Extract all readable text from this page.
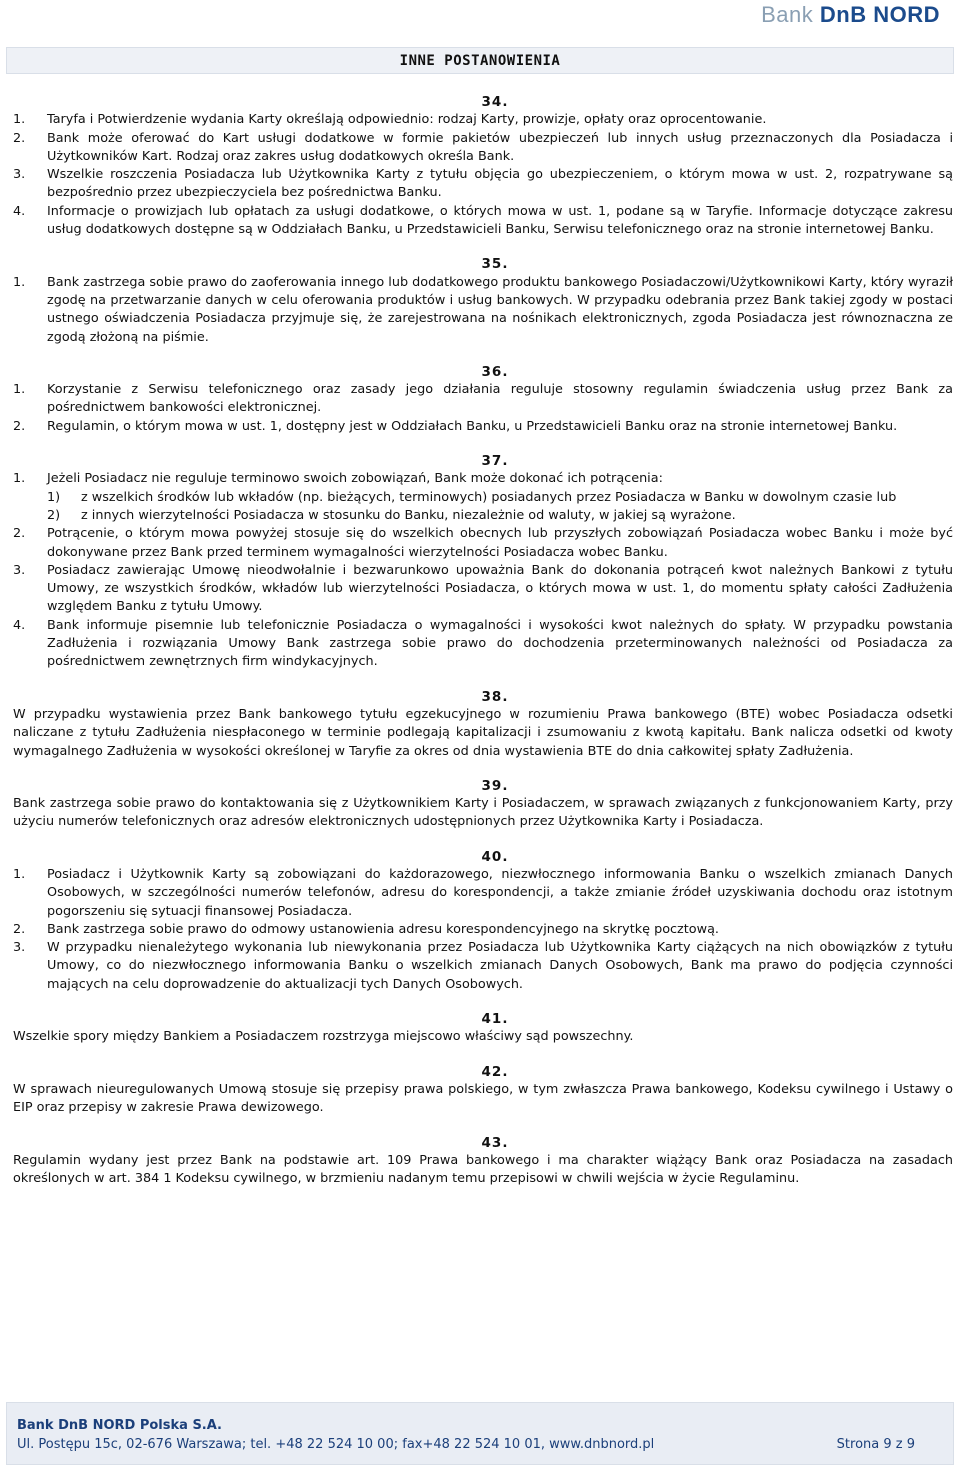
Bank DnB NORD
INNE POSTANOWIENIA
34.
1.	Taryfa i Potwierdzenie wydania Karty określają odpowiednio: rodzaj Karty, prowizje, opłaty oraz oprocentowanie.
2.	Bank może oferować do Kart usługi dodatkowe w formie pakietów ubezpieczeń lub innych usług przeznaczonych dla Posiadacza i Użytkowników Kart. Rodzaj oraz zakres usług dodatkowych określa Bank.
3.	Wszelkie roszczenia Posiadacza lub Użytkownika Karty z tytułu objęcia go ubezpieczeniem, o którym mowa w ust. 2, rozpatrywane są bezpośrednio przez ubezpieczyciela bez pośrednictwa Banku.
4.	Informacje o prowizjach lub opłatach za usługi dodatkowe, o których mowa w ust. 1, podane są w Taryfie. Informacje dotyczące zakresu usług dodatkowych dostępne są w Oddziałach Banku, u Przedstawicieli Banku, Serwisu telefonicznego oraz na stronie internetowej Banku.
35.
1.	Bank zastrzega sobie prawo do zaoferowania innego lub dodatkowego produktu bankowego Posiadaczowi/Użytkownikowi Karty, który wyraził zgodę na przetwarzanie danych w celu oferowania produktów i usług bankowych. W przypadku odebrania przez Bank takiej zgody w postaci ustnego oświadczenia Posiadacza przyjmuje się, że zarejestrowana na nośnikach elektronicznych, zgoda Posiadacza jest równoznaczna ze zgodą złożoną na piśmie.
36.
1.	Korzystanie z Serwisu telefonicznego oraz zasady jego działania reguluje stosowny regulamin świadczenia usług przez Bank za pośrednictwem bankowości elektronicznej.
2.	Regulamin, o którym mowa w ust. 1, dostępny jest w Oddziałach Banku, u Przedstawicieli Banku oraz na stronie internetowej Banku.
37.
1.	Jeżeli Posiadacz nie reguluje terminowo swoich zobowiązań, Bank może dokonać ich potrącenia:
1)	z wszelkich środków lub wkładów (np. bieżących, terminowych) posiadanych przez Posiadacza w Banku w dowolnym czasie lub
2)	z innych wierzytelności Posiadacza w stosunku do Banku, niezależnie od waluty, w jakiej są wyrażone.
2.	Potrącenie, o którym mowa powyżej stosuje się do wszelkich obecnych lub przyszłych zobowiązań Posiadacza wobec Banku i może być dokonywane przez Bank przed terminem wymagalności wierzytelności Posiadacza wobec Banku.
3.	Posiadacz zawierając Umowę nieodwołalnie i bezwarunkowo upoważnia Bank do dokonania potrąceń kwot należnych Bankowi z tytułu Umowy, ze wszystkich środków, wkładów lub wierzytelności Posiadacza, o których mowa w ust. 1, do momentu spłaty całości Zadłużenia względem Banku z tytułu Umowy.
4.	Bank informuje pisemnie lub telefonicznie Posiadacza o wymagalności i wysokości kwot należnych do spłaty. W przypadku powstania Zadłużenia i rozwiązania Umowy Bank zastrzega sobie prawo do dochodzenia przeterminowanych należności od Posiadacza za pośrednictwem zewnętrznych firm windykacyjnych.
38.
W przypadku wystawienia przez Bank bankowego tytułu egzekucyjnego w rozumieniu Prawa bankowego (BTE) wobec Posiadacza odsetki naliczane z tytułu Zadłużenia niespłaconego w terminie podlegają kapitalizacji i zsumowaniu z kwotą kapitału. Bank nalicza odsetki od kwoty wymagalnego Zadłużenia w wysokości określonej w Taryfie za okres od dnia wystawienia BTE do dnia całkowitej spłaty Zadłużenia.
39.
Bank zastrzega sobie prawo do kontaktowania się z Użytkownikiem Karty i Posiadaczem, w sprawach związanych z funkcjonowaniem Karty, przy użyciu numerów telefonicznych oraz adresów elektronicznych udostępnionych przez Użytkownika Karty i Posiadacza.
40.
1.	Posiadacz i Użytkownik Karty są zobowiązani do każdorazowego, niezwłocznego informowania Banku o wszelkich zmianach Danych Osobowych, w szczególności numerów telefonów, adresu do korespondencji, a także zmianie źródeł uzyskiwania dochodu oraz istotnym pogorszeniu się sytuacji finansowej Posiadacza.
2.	Bank zastrzega sobie prawo do odmowy ustanowienia adresu korespondencyjnego na skrytkę pocztową.
3.	W przypadku nienależytego wykonania lub niewykonania przez Posiadacza lub Użytkownika Karty ciążących na nich obowiązków z tytułu Umowy, co do niezwłocznego informowania Banku o wszelkich zmianach Danych Osobowych, Bank ma prawo do podjęcia czynności mających na celu doprowadzenie do aktualizacji tych Danych Osobowych.
41.
Wszelkie spory między Bankiem a Posiadaczem rozstrzyga miejscowo właściwy sąd powszechny.
42.
W sprawach nieuregulowanych Umową stosuje się przepisy prawa polskiego, w tym zwłaszcza Prawa bankowego, Kodeksu cywilnego i Ustawy o EIP oraz przepisy w zakresie Prawa dewizowego.
43.
Regulamin wydany jest przez Bank na podstawie art. 109 Prawa bankowego i ma charakter wiążący Bank oraz Posiadacza na zasadach określonych w art. 384 1 Kodeksu cywilnego, w brzmieniu nadanym temu przepisowi w chwili wejścia w życie Regulaminu.
Bank DnB NORD Polska S.A.
Ul. Postępu 15c, 02-676 Warszawa; tel. +48 22 524 10 00; fax+48 22 524 10 01, www.dnbnord.pl	Strona 9 z 9
